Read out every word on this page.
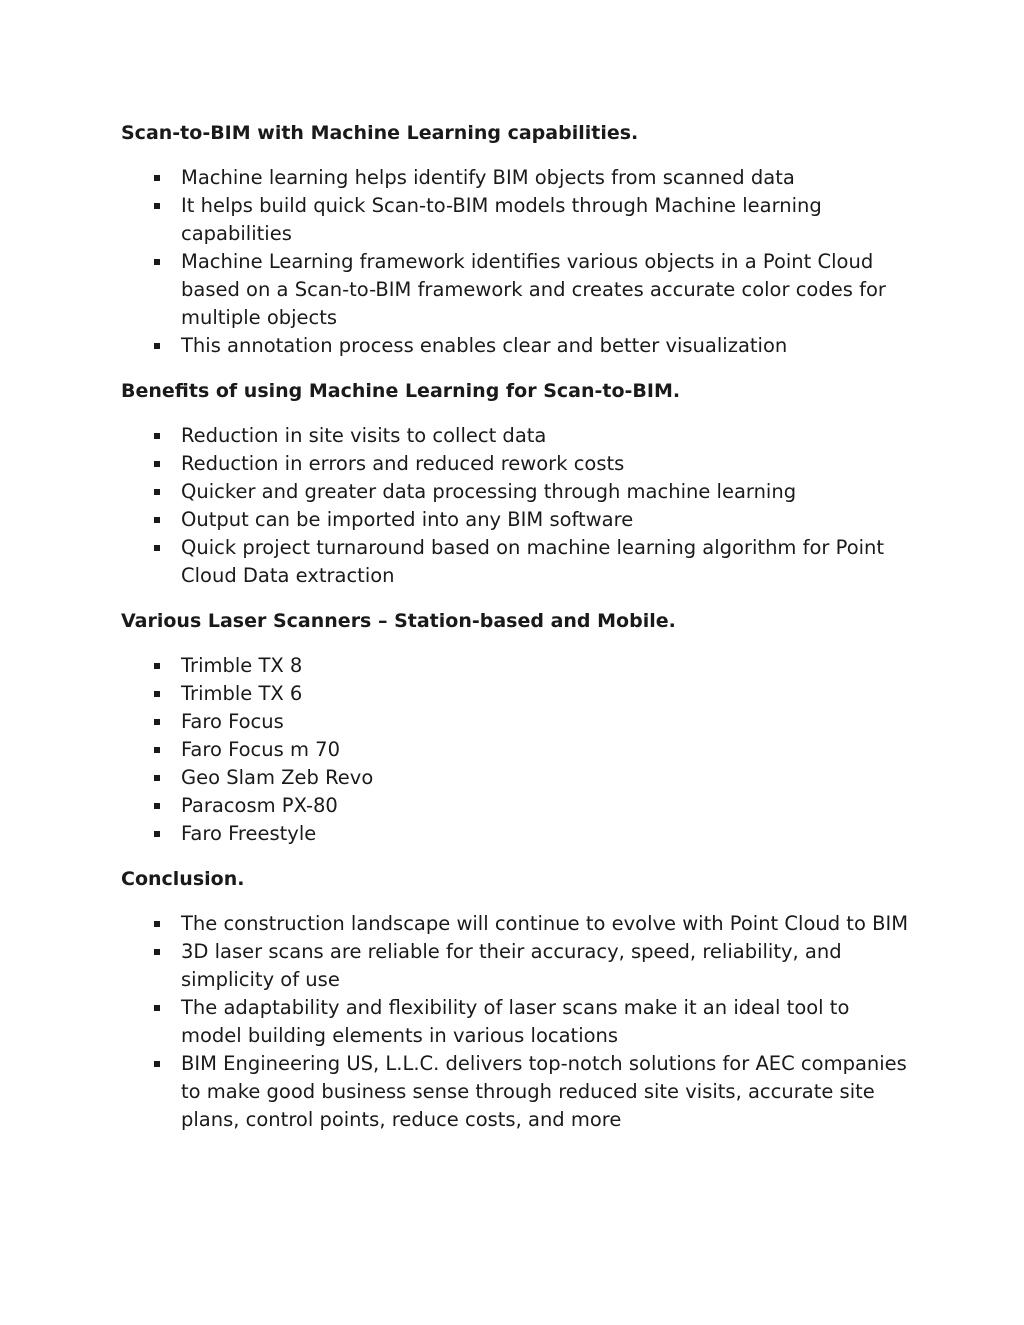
Scan-to-BIM with Machine Learning capabilities.
Machine learning helps identify BIM objects from scanned data
It helps build quick Scan-to-BIM models through Machine learning capabilities
Machine Learning framework identifies various objects in a Point Cloud based on a Scan-to-BIM framework and creates accurate color codes for multiple objects
This annotation process enables clear and better visualization
Benefits of using Machine Learning for Scan-to-BIM.
Reduction in site visits to collect data
Reduction in errors and reduced rework costs
Quicker and greater data processing through machine learning
Output can be imported into any BIM software
Quick project turnaround based on machine learning algorithm for Point Cloud Data extraction
Various Laser Scanners – Station-based and Mobile.
Trimble TX 8
Trimble TX 6
Faro Focus
Faro Focus m 70
Geo Slam Zeb Revo
Paracosm PX-80
Faro Freestyle
Conclusion.
The construction landscape will continue to evolve with Point Cloud to BIM
3D laser scans are reliable for their accuracy, speed, reliability, and simplicity of use
The adaptability and flexibility of laser scans make it an ideal tool to model building elements in various locations
BIM Engineering US, L.L.C. delivers top-notch solutions for AEC companies to make good business sense through reduced site visits, accurate site plans, control points, reduce costs, and more
